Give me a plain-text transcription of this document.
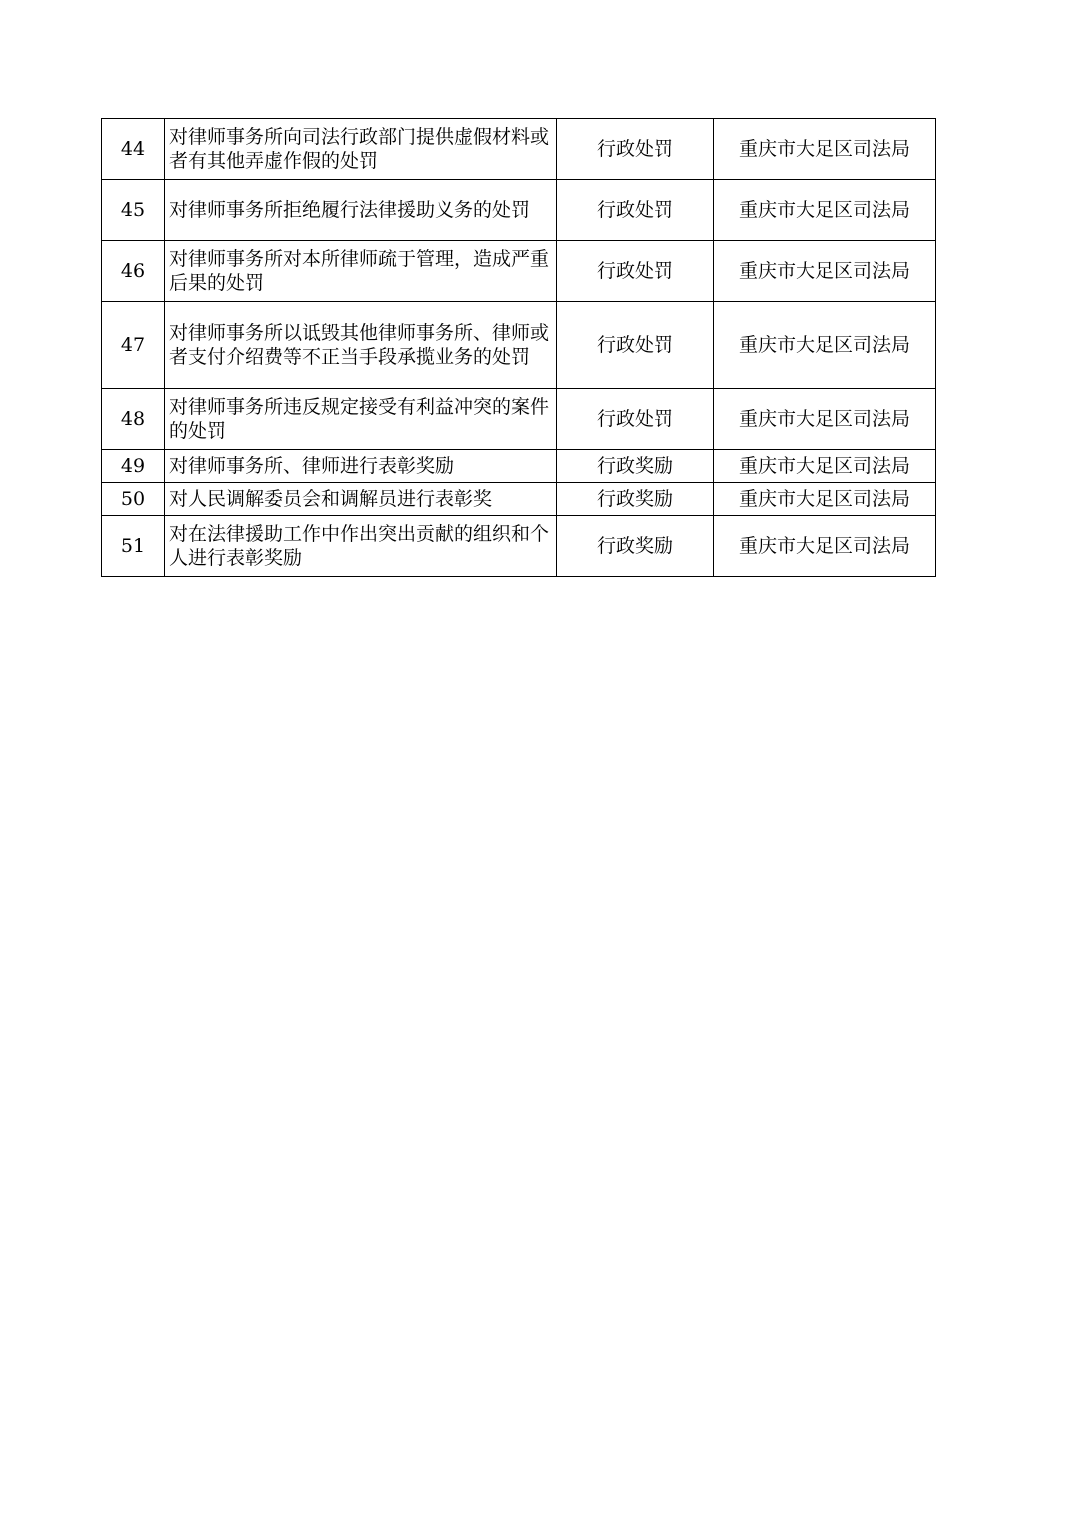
44	对律师事务所向司法行政部门提供虚假材料或者有其他弄虚作假的处罚	行政处罚	重庆市大足区司法局
45	对律师事务所拒绝履行法律援助义务的处罚	行政处罚	重庆市大足区司法局
46	对律师事务所对本所律师疏于管理，造成严重后果的处罚	行政处罚	重庆市大足区司法局
47	对律师事务所以诋毁其他律师事务所、律师或者支付介绍费等不正当手段承揽业务的处罚	行政处罚	重庆市大足区司法局
48	对律师事务所违反规定接受有利益冲突的案件的处罚	行政处罚	重庆市大足区司法局
49	对律师事务所、律师进行表彰奖励	行政奖励	重庆市大足区司法局
50	对人民调解委员会和调解员进行表彰奖	行政奖励	重庆市大足区司法局
51	对在法律援助工作中作出突出贡献的组织和个人进行表彰奖励	行政奖励	重庆市大足区司法局
